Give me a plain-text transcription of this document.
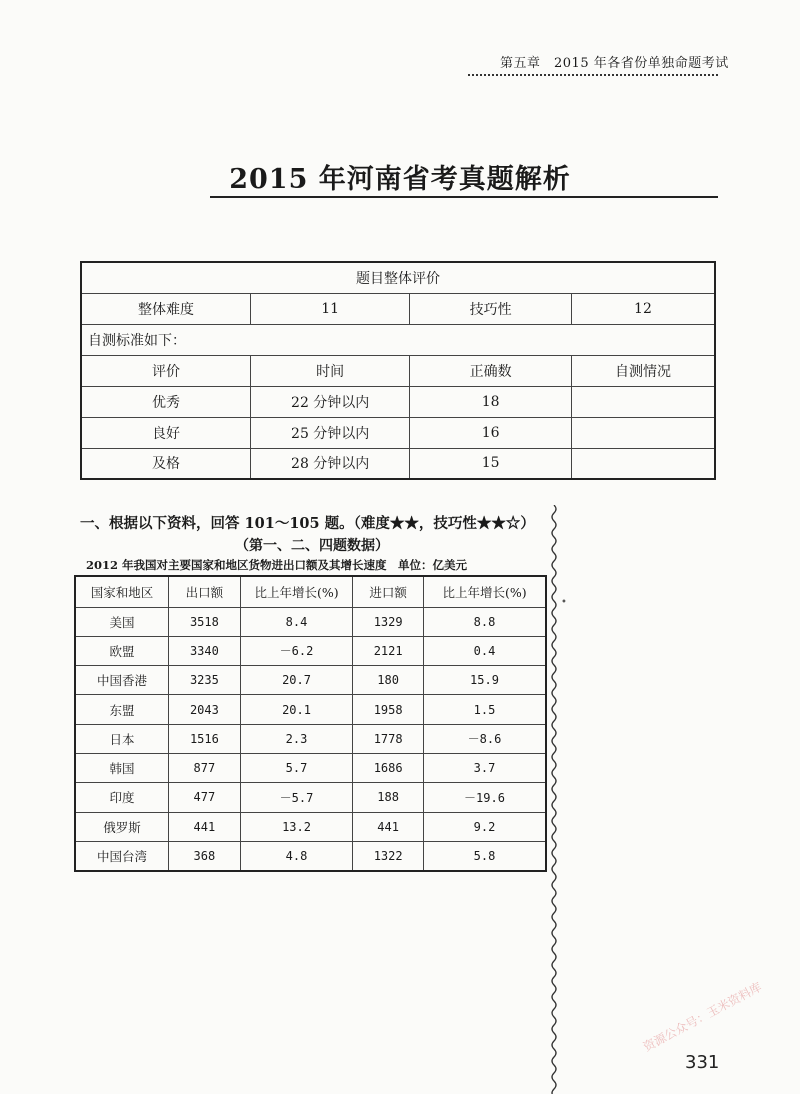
第五章　2015 年各省份单独命题考试
2015 年河南省考真题解析
题目整体评价			
整体难度	11	技巧性	12
自测标准如下：			
评价	时间	正确数	自测情况
优秀	22 分钟以内	18	
良好	25 分钟以内	16	
及格	28 分钟以内	15	
一、根据以下资料，回答 101～105 题。（难度★★，技巧性★★☆）
（第一、二、四题数据）
2012 年我国对主要国家和地区货物进出口额及其增长速度　单位：亿美元
国家和地区	出口额	比上年增长(%)	进口额	比上年增长(%)
美国	3518	8.4	1329	8.8
欧盟	3340	－6.2	2121	0.4
中国香港	3235	20.7	180	15.9
东盟	2043	20.1	1958	1.5
日本	1516	2.3	1778	－8.6
韩国	877	5.7	1686	3.7
印度	477	－5.7	188	－19.6
俄罗斯	441	13.2	441	9.2
中国台湾	368	4.8	1322	5.8
•
331
资源公众号：玉米资料库
